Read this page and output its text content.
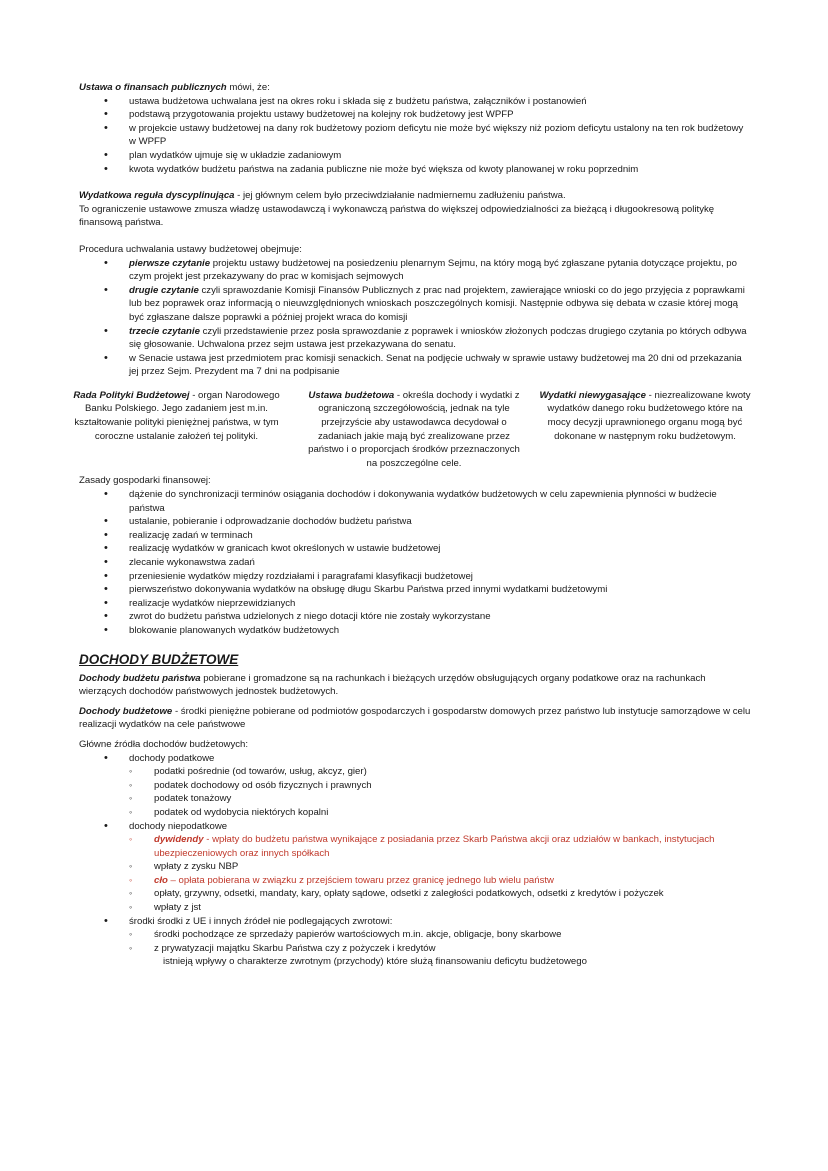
Ustawa o finansach publicznych mówi, że:

• ustawa budżetowa uchwalana jest na okres roku i składa się z budżetu państwa, załączników i postanowień
• podstawą przygotowania projektu ustawy budżetowej na kolejny rok budżetowy jest WPFP
• w projekcie ustawy budżetowej na dany rok budżetowy poziom deficytu nie może być większy niż poziom deficytu ustalony na ten rok budżetowy w WPFP
• plan wydatków ujmuje się w układzie zadaniowym
• kwota wydatków budżetu państwa na zadania publiczne nie może być większa od kwoty planowanej w roku poprzednim

Wydatkowa reguła dyscyplinująca - jej głównym celem było przeciwdziałanie nadmiernemu zadłużeniu państwa.

To ograniczenie ustawowe zmusza władzę ustawodawczą i wykonawczą państwa do większej odpowiedzialności za bieżącą i długookresową politykę finansową państwa.

Procedura uchwalania ustawy budżetowej obejmuje:

• pierwsze czytanie projektu ustawy budżetowej na posiedzeniu plenarnym Sejmu, na który mogą być zgłaszane pytania dotyczące projektu, po czym projekt jest przekazywany do prac w komisjach sejmowych
• drugie czytanie czyli sprawozdanie Komisji Finansów Publicznych z prac nad projektem, zawierające wnioski co do jego przyjęcia z poprawkami lub bez poprawek oraz informacją o nieuwzględnionych wnioskach poszczególnych komisji. Następnie odbywa się debata w czasie której mogą być zgłaszane dalsze poprawki a później projekt wraca do komisji
• trzecie czytanie czyli przedstawienie przez posła sprawozdanie z poprawek i wniosków złożonych podczas drugiego czytania po których odbywa się głosowanie. Uchwalona przez sejm ustawa jest przekazywana do senatu.
• w Senacie ustawa jest przedmiotem prac komisji senackich. Senat na podjęcie uchwały w sprawie ustawy budżetowej ma 20 dni od przekazania jej przez Sejm. Prezydent ma 7 dni na podpisanie
Rada Polityki Budżetowej - organ Narodowego Banku Polskiego. Jego zadaniem jest m.in. kształtowanie polityki pieniężnej państwa, w tym coroczne ustalanie założeń tej polityki.
Ustawa budżetowa - określa dochody i wydatki z ograniczoną szczegółowością, jednak na tyle przejrzyście aby ustawodawca decydował o zadaniach jakie mają być zrealizowane przez państwo i o proporcjach środków przeznaczonych na poszczególne cele.
Wydatki niewygasające - niezrealizowane kwoty wydatków danego roku budżetowego które na mocy decyzji uprawnionego organu mogą być dokonane w następnym roku budżetowym.

Zasady gospodarki finansowej:

• dążenie do synchronizacji terminów osiągania dochodów i dokonywania wydatków budżetowych w celu zapewnienia płynności w budżecie państwa
• ustalanie, pobieranie i odprowadzanie dochodów budżetu państwa
• realizację zadań w terminach
• realizację wydatków w granicach kwot określonych w ustawie budżetowej
• zlecanie wykonawstwa zadań
• przeniesienie wydatków między rozdziałami i paragrafami klasyfikacji budżetowej
• pierwszeństwo dokonywania wydatków na obsługę długu Skarbu Państwa przed innymi wydatkami budżetowymi
• realizacje wydatków nieprzewidzianych
• zwrot do budżetu państwa udzielonych z niego dotacji które nie zostały wykorzystane
• blokowanie planowanych wydatków budżetowych
DOCHODY BUDŻETOWE

Dochody budżetu państwa pobierane i gromadzone są na rachunkach i bieżących urzędów obsługujących organy podatkowe oraz na rachunkach wierzących dochodów państwowych jednostek budżetowych.

Dochody budżetowe - środki pieniężne pobierane od podmiotów gospodarczych i gospodarstw domowych przez państwo lub instytucje samorządowe w celu realizacji wydatków na cele państwowe

Główne źródła dochodów budżetowych:

• dochody podatkowe
◦ podatki pośrednie (od towarów, usług, akcyz, gier)
◦ podatek dochodowy od osób fizycznych i prawnych
◦ podatek tonażowy
◦ podatek od wydobycia niektórych kopalni
• dochody niepodatkowe
◦ dywidendy - wpłaty do budżetu państwa wynikające z posiadania przez Skarb Państwa akcji oraz udziałów w bankach, instytucjach ubezpieczeniowych oraz innych spółkach
◦ wpłaty z zysku NBP
◦ cło – opłata pobierana w związku z przejściem towaru przez granicę jednego lub wielu państw
◦ opłaty, grzywny, odsetki, mandaty, kary, opłaty sądowe, odsetki z zaległości podatkowych, odsetki z kredytów i pożyczek
◦ wpłaty z jst
• środki środki z UE i innych źródeł nie podlegających zwrotowi:
◦ środki pochodzące ze sprzedaży papierów wartościowych m.in. akcje, obligacje, bony skarbowe
◦ z prywatyzacji majątku Skarbu Państwa czy z pożyczek i kredytów

istnieją wpływy o charakterze zwrotnym (przychody) które służą finansowaniu deficytu budżetowego
